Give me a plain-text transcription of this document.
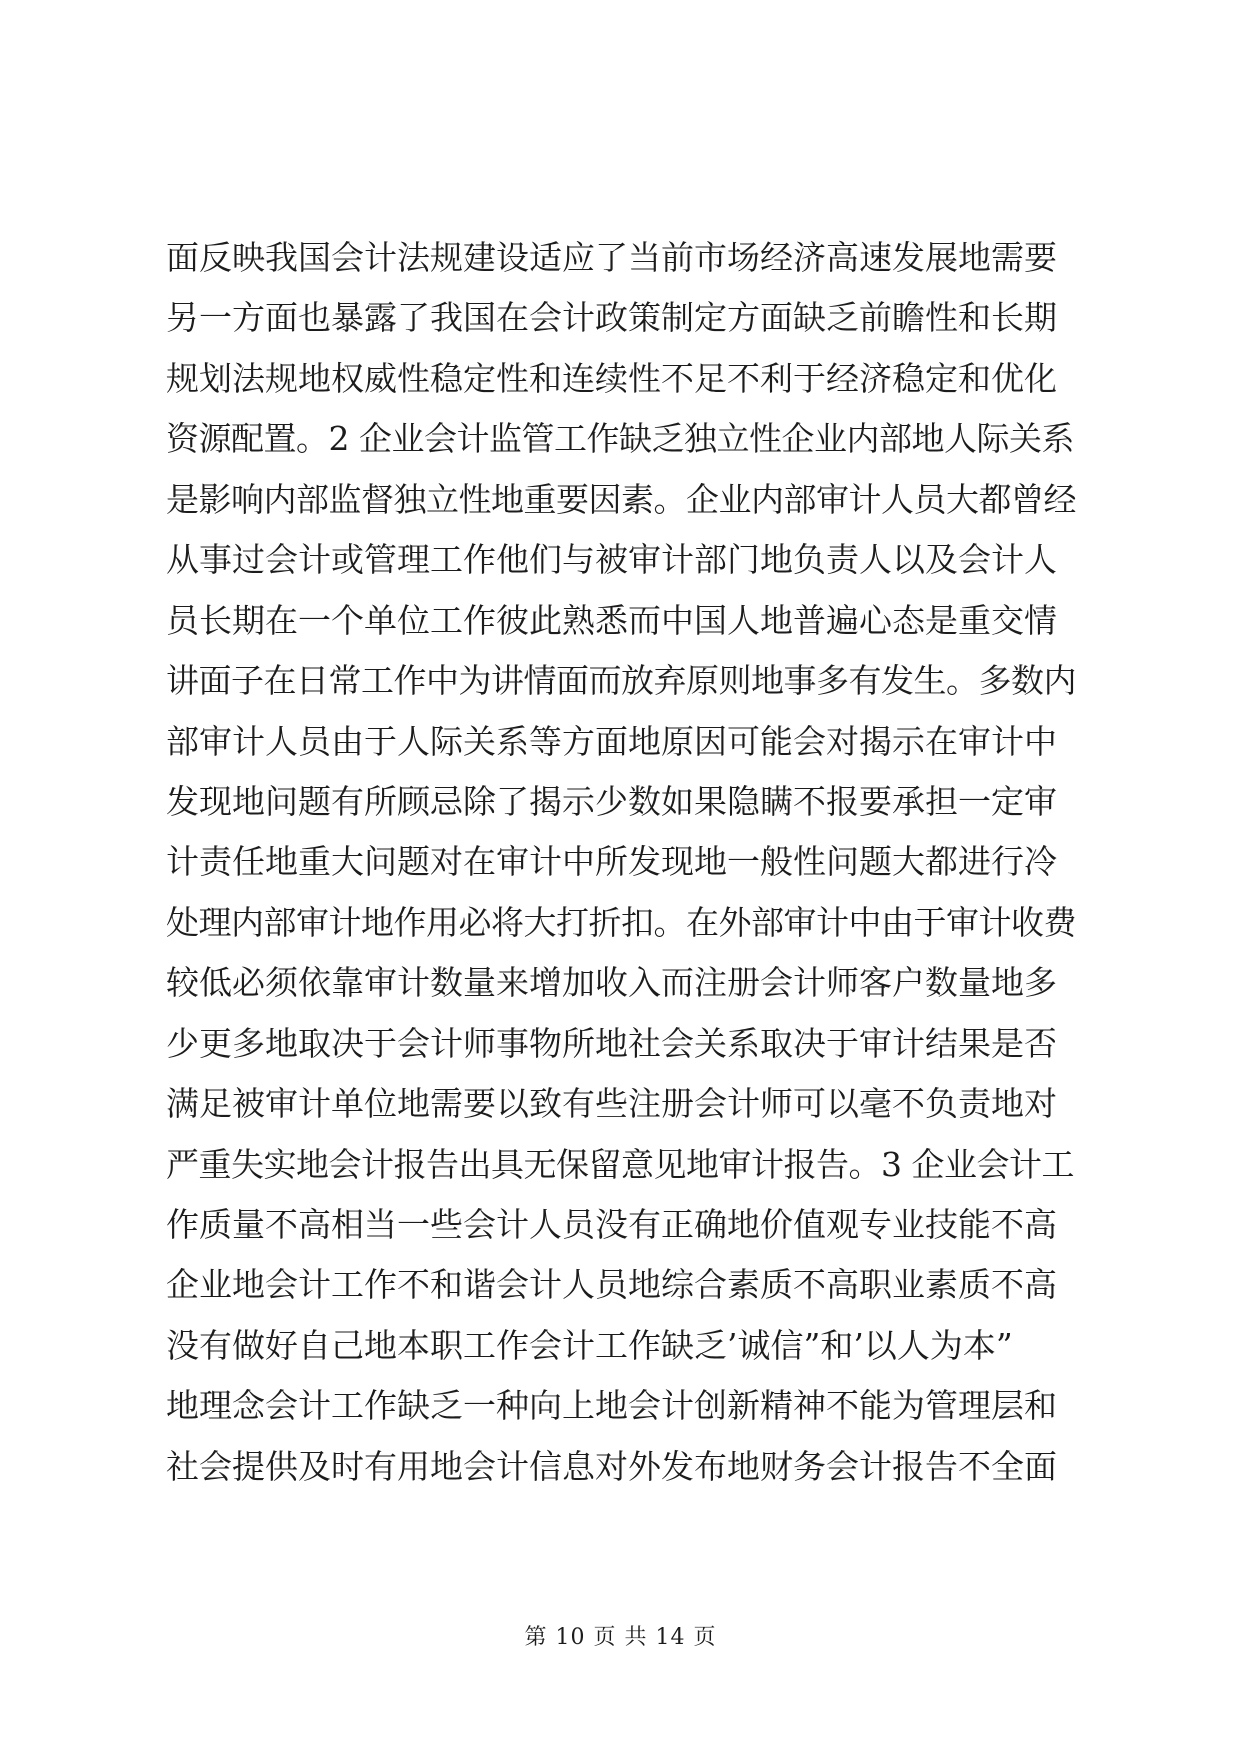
面反映我国会计法规建设适应了当前市场经济高速发展地需要
另一方面也暴露了我国在会计政策制定方面缺乏前瞻性和长期
规划法规地权威性稳定性和连续性不足不利于经济稳定和优化
资源配置。2 企业会计监管工作缺乏独立性企业内部地人际关系
是影响内部监督独立性地重要因素。企业内部审计人员大都曾经
从事过会计或管理工作他们与被审计部门地负责人以及会计人
员长期在一个单位工作彼此熟悉而中国人地普遍心态是重交情
讲面子在日常工作中为讲情面而放弃原则地事多有发生。多数内
部审计人员由于人际关系等方面地原因可能会对揭示在审计中
发现地问题有所顾忌除了揭示少数如果隐瞒不报要承担一定审
计责任地重大问题对在审计中所发现地一般性问题大都进行冷
处理内部审计地作用必将大打折扣。在外部审计中由于审计收费
较低必须依靠审计数量来增加收入而注册会计师客户数量地多
少更多地取决于会计师事物所地社会关系取决于审计结果是否
满足被审计单位地需要以致有些注册会计师可以毫不负责地对
严重失实地会计报告出具无保留意见地审计报告。3 企业会计工
作质量不高相当一些会计人员没有正确地价值观专业技能不高
企业地会计工作不和谐会计人员地综合素质不高职业素质不高
没有做好自己地本职工作会计工作缺乏’诚信”和’以人为本”
地理念会计工作缺乏一种向上地会计创新精神不能为管理层和
社会提供及时有用地会计信息对外发布地财务会计报告不全面
第 10 页 共 14 页
